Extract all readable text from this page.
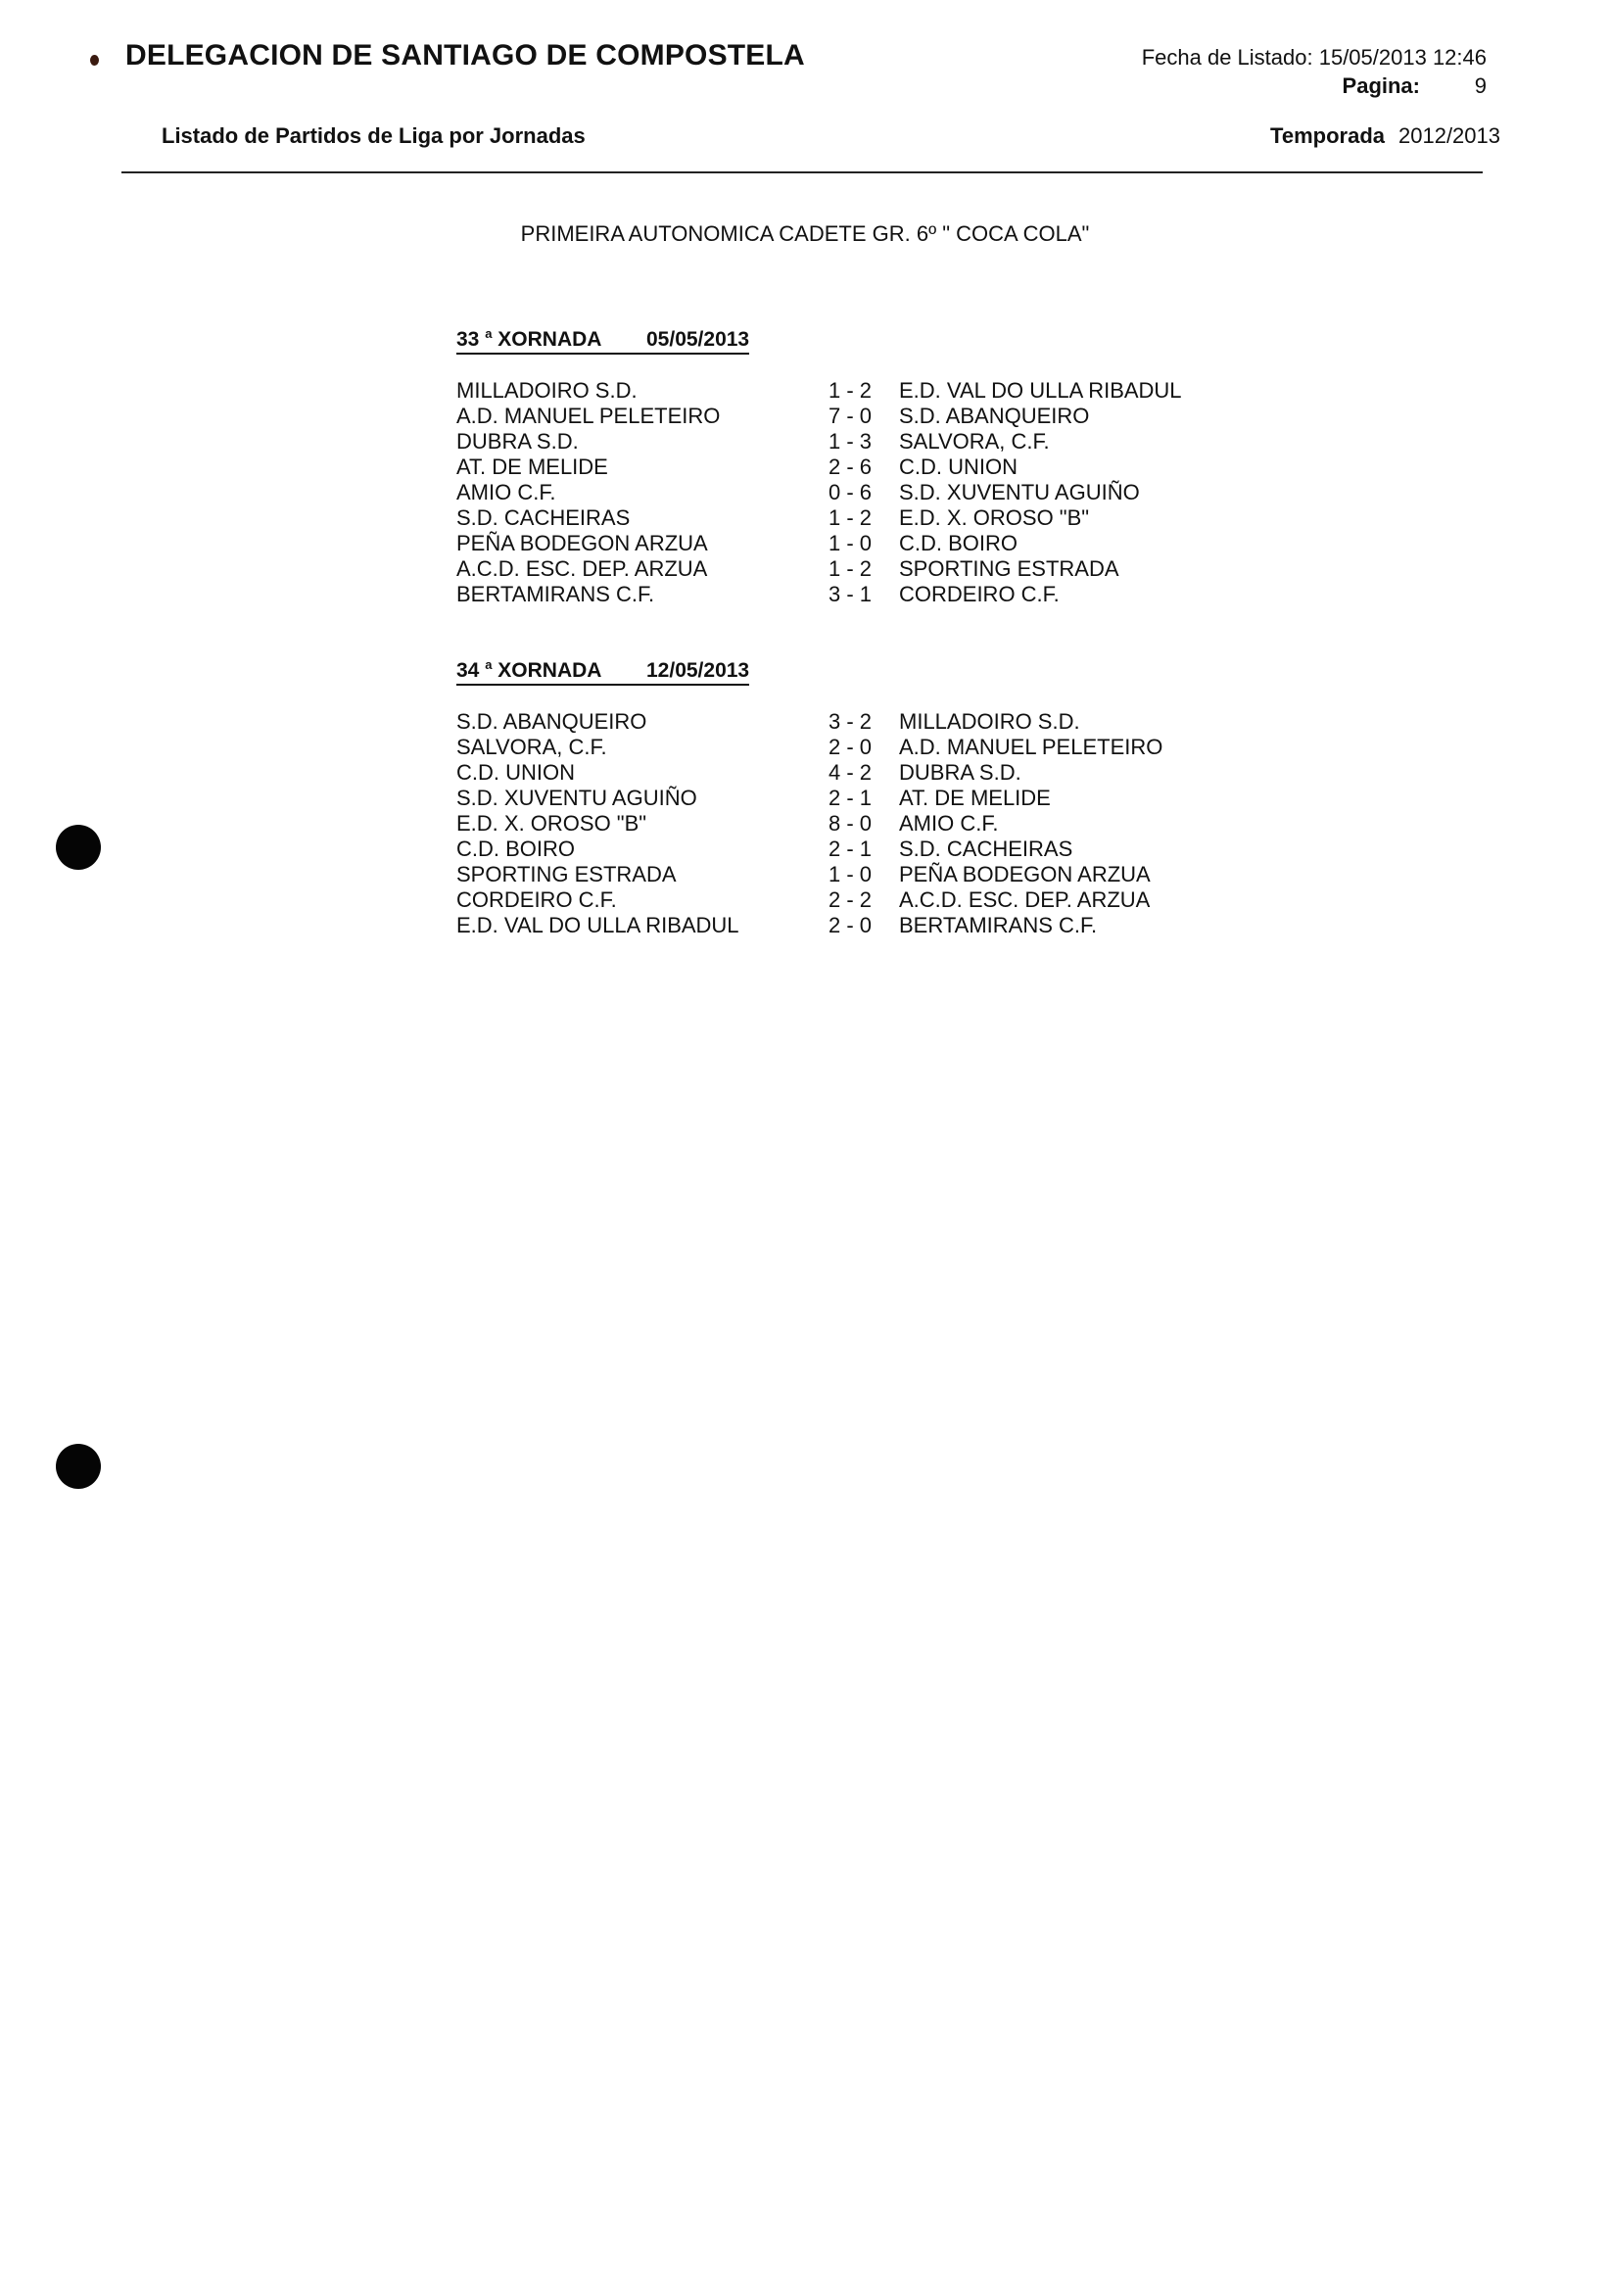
DELEGACION DE SANTIAGO DE COMPOSTELA	Fecha de Listado: 15/05/2013 12:46
Pagina:	9
Listado de Partidos de Liga por Jornadas	Temporada 2012/2013
PRIMEIRA AUTONOMICA CADETE GR. 6º " COCA COLA"
33 $^a$ XORNADA 05/05/2013
MILLADOIRO S.D.	1 - 2 E.D. VAL DO ULLA RIBADUL
A.D. MANUEL PELETEIRO	7 - 0 S.D. ABANQUEIRO
DUBRA S.D.	1 - 3 SALVORA, C.F.
AT. DE MELIDE	2 - 6 C.D. UNION
AMIO C.F.	0 - 6 S.D. XUVENTU AGUIÑO
S.D. CACHEIRAS	1 - 2 E.D. X. OROSO "B"
PEÑA BODEGON ARZUA	1 - 0 C.D. BOIRO
A.C.D. ESC. DEP. ARZUA	1 - 2 SPORTING ESTRADA
BERTAMIRANS C.F.	3 - 1 CORDEIRO C.F.
34 $^a$ XORNADA 12/05/2013
S.D. ABANQUEIRO	3 - 2 MILLADOIRO S.D.
SALVORA, C.F.	2 - 0 A.D. MANUEL PELETEIRO
C.D. UNION	4 - 2 DUBRA S.D.
S.D. XUVENTU AGUIÑO	2 - 1 AT. DE MELIDE
E.D. X. OROSO "B"	8 - 0 AMIO C.F.
C.D. BOIRO	2 - 1 S.D. CACHEIRAS
SPORTING ESTRADA	1 - 0 PEÑA BODEGON ARZUA
CORDEIRO C.F.	2 - 2 A.C.D. ESC. DEP. ARZUA
E.D. VAL DO ULLA RIBADUL	2 - 0 BERTAMIRANS C.F.
